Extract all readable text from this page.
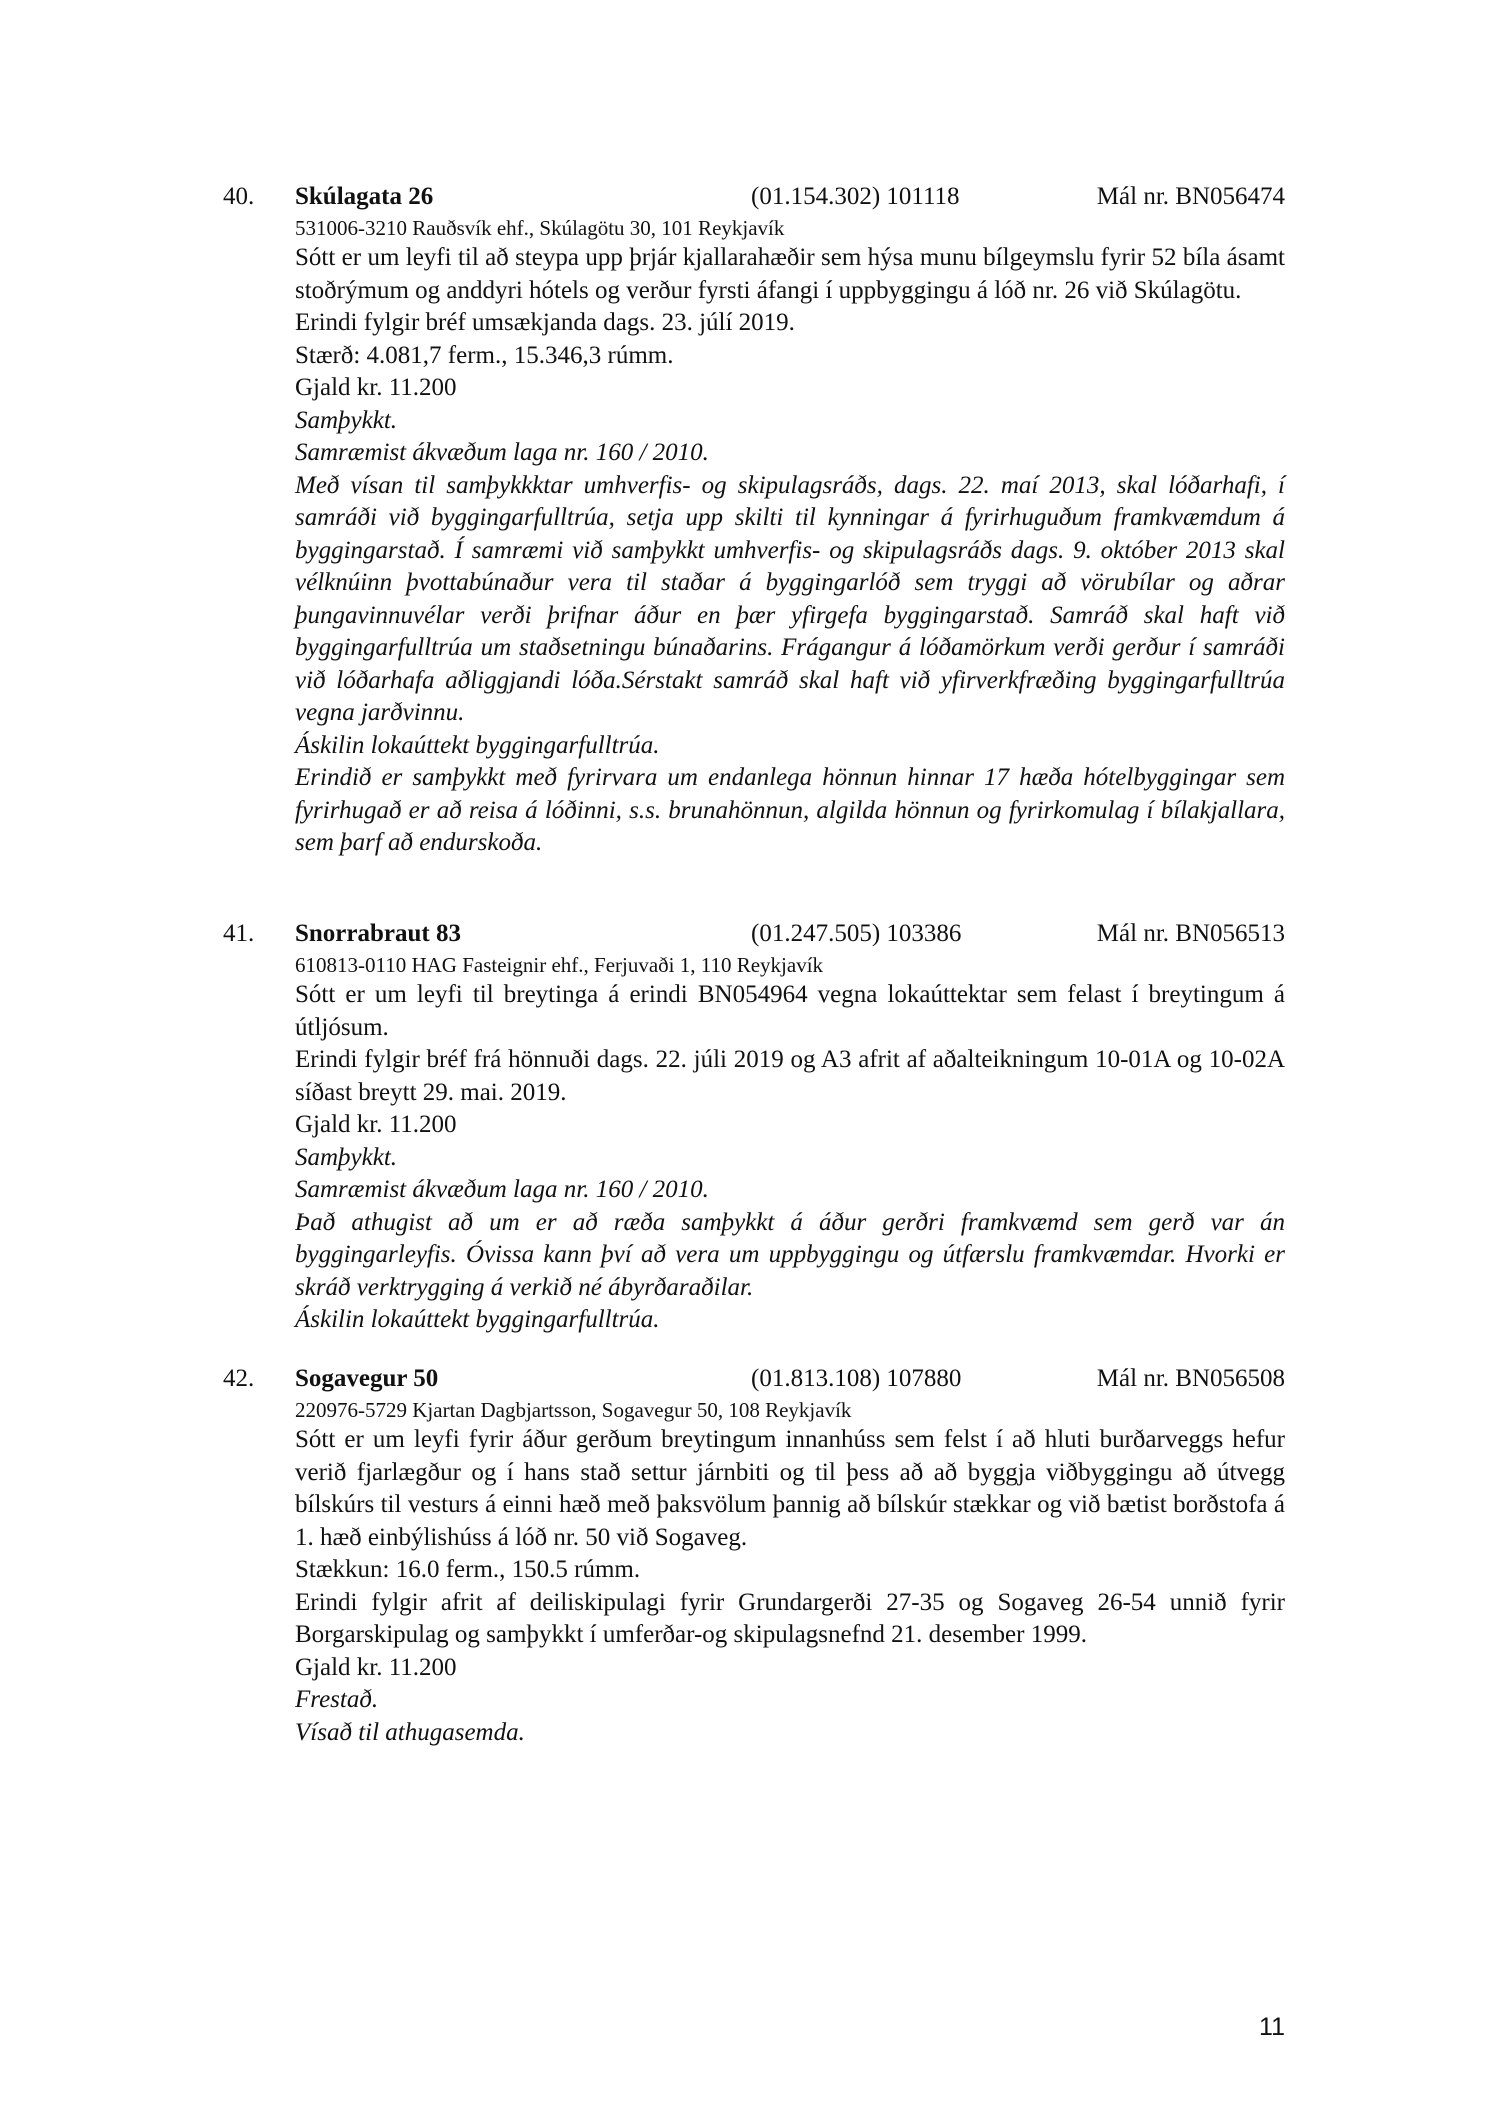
40. Skúlagata 26	(01.154.302) 101118	Mál nr. BN056474
531006-3210 Rauðsvík ehf., Skúlagötu 30, 101 Reykjavík
Sótt er um leyfi til að steypa upp þrjár kjallarahæðir sem hýsa munu bílgeymslu fyrir 52 bíla ásamt stoðrýmum og anddyri hótels og verður fyrsti áfangi í uppbyggingu á lóð nr. 26 við Skúlagötu.
Erindi fylgir bréf umsækjanda dags. 23. júlí 2019.
Stærð: 4.081,7 ferm., 15.346,3 rúmm.
Gjald kr. 11.200
Samþykkt.
Samræmist ákvæðum laga nr. 160 / 2010.
Með vísan til samþykkktar umhverfis- og skipulagsráðs, dags. 22. maí 2013, skal lóðarhafi, í samráði við byggingarfulltrúa, setja upp skilti til kynningar á fyrirhuguðum framkvæmdum á byggingarstað. Í samræmi við samþykkt umhverfis- og skipulagsráðs dags. 9. október 2013 skal vélknúinn þvottabúnaður vera til staðar á byggingarlóð sem tryggi að vörubílar og aðrar þungavinnuvélar verði þrifnar áður en þær yfirgefa byggingarstað. Samráð skal haft við byggingarfulltrúa um staðsetningu búnaðarins. Frágangur á lóðamörkum verði gerður í samráði við lóðarhafa aðliggjandi lóða.Sérstakt samráð skal haft við yfirverkfræðing byggingarfulltrúa vegna jarðvinnu.
Áskilin lokaúttekt byggingarfulltrúa.
Erindið er samþykkt með fyrirvara um endanlega hönnun hinnar 17 hæða hótelbyggingar sem fyrirhugað er að reisa á lóðinni, s.s. brunahönnun, algilda hönnun og fyrirkomulag í bílakjallara, sem þarf að endurskoða.
41. Snorrabraut 83	(01.247.505) 103386	Mál nr. BN056513
610813-0110 HAG Fasteignir ehf., Ferjuvaði 1, 110 Reykjavík
Sótt er um leyfi til breytinga á erindi BN054964 vegna lokaúttektar sem felast í breytingum á útljósum.
Erindi fylgir bréf frá hönnuði dags. 22. júli 2019 og A3 afrit af aðalteikningum 10-01A og 10-02A síðast breytt 29. mai. 2019.
Gjald kr. 11.200
Samþykkt.
Samræmist ákvæðum laga nr. 160 / 2010.
Það athugist að um er að ræða samþykkt á áður gerðri framkvæmd sem gerð var án byggingarleyfis. Óvissa kann því að vera um uppbyggingu og útfærslu framkvæmdar. Hvorki er skráð verktrygging á verkið né ábyrðaraðilar.
Áskilin lokaúttekt byggingarfulltrúa.
42. Sogavegur 50	(01.813.108) 107880	Mál nr. BN056508
220976-5729 Kjartan Dagbjartsson, Sogavegur 50, 108 Reykjavík
Sótt er um leyfi fyrir áður gerðum breytingum innanhúss sem felst í að hluti burðarveggs hefur verið fjarlægður og í hans stað settur járnbiti og til þess að að byggja viðbyggingu að útvegg bílskúrs til vesturs á einni hæð með þaksvölum þannig að bílskúr stækkar og við bætist borðstofa á 1. hæð einbýlishúss á lóð nr. 50 við Sogaveg.
Stækkun: 16.0 ferm., 150.5 rúmm.
Erindi fylgir afrit af deiliskipulagi fyrir Grundargerði 27-35 og Sogaveg 26-54 unnið fyrir Borgarskipulag og samþykkt í umferðar-og skipulagsnefnd 21. desember 1999.
Gjald kr. 11.200
Frestað.
Vísað til athugasemda.
11
